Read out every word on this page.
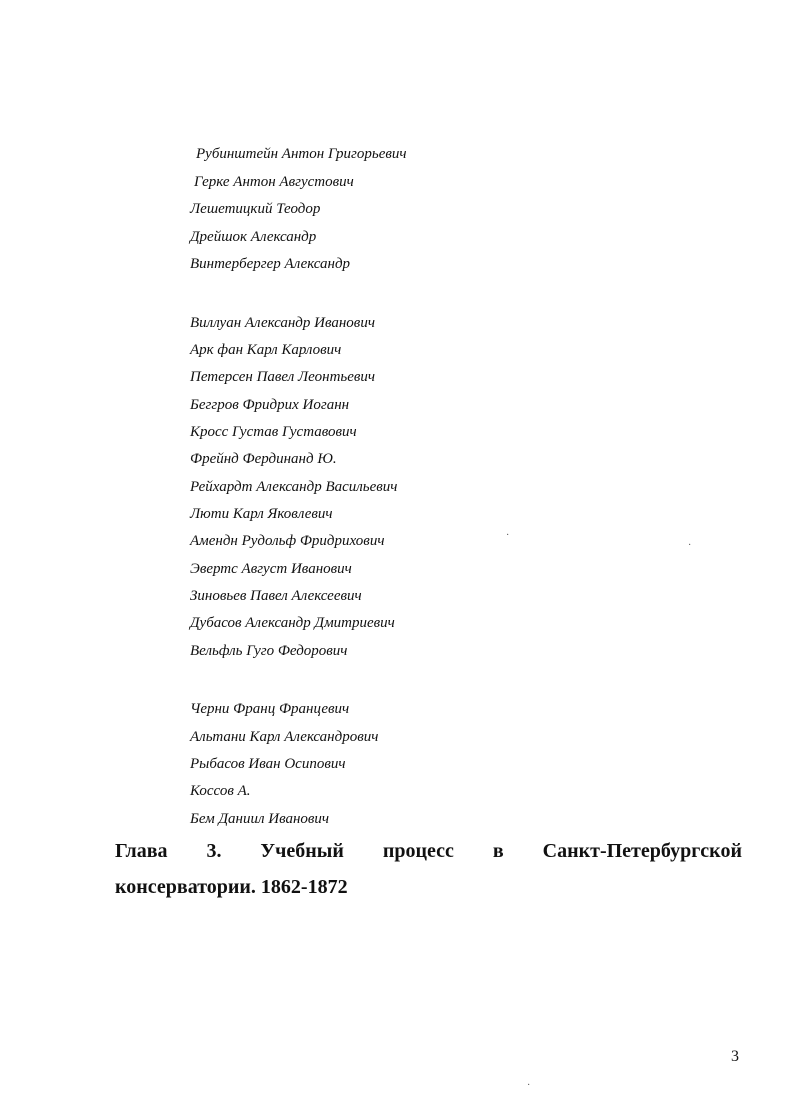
Рубинштейн Антон Григорьевич
Герке Антон Августович
Лешетицкий Теодор
Дрейшок Александр
Винтербергер Александр
Виллуан Александр Иванович
Арк фан Карл Карлович
Петерсен Павел Леонтьевич
Беггров Фридрих Иоганн
Кросс Густав Густавович
Фрейнд Фердинанд Ю.
Рейхардт Александр Васильевич
Люти Карл Яковлевич
Амендн Рудольф Фридрихович
Эвертс Август Иванович
Зиновьев Павел Алексеевич
Дубасов Александр Дмитриевич
Вельфль Гуго Федорович
Черни Франц Францевич
Альтани Карл Александрович
Рыбасов Иван Осипович
Коссов А.
Бем Даниил Иванович
Глава 3. Учебный процесс в Санкт-Петербургской
консерватории. 1862-1872
3
·
·
·
